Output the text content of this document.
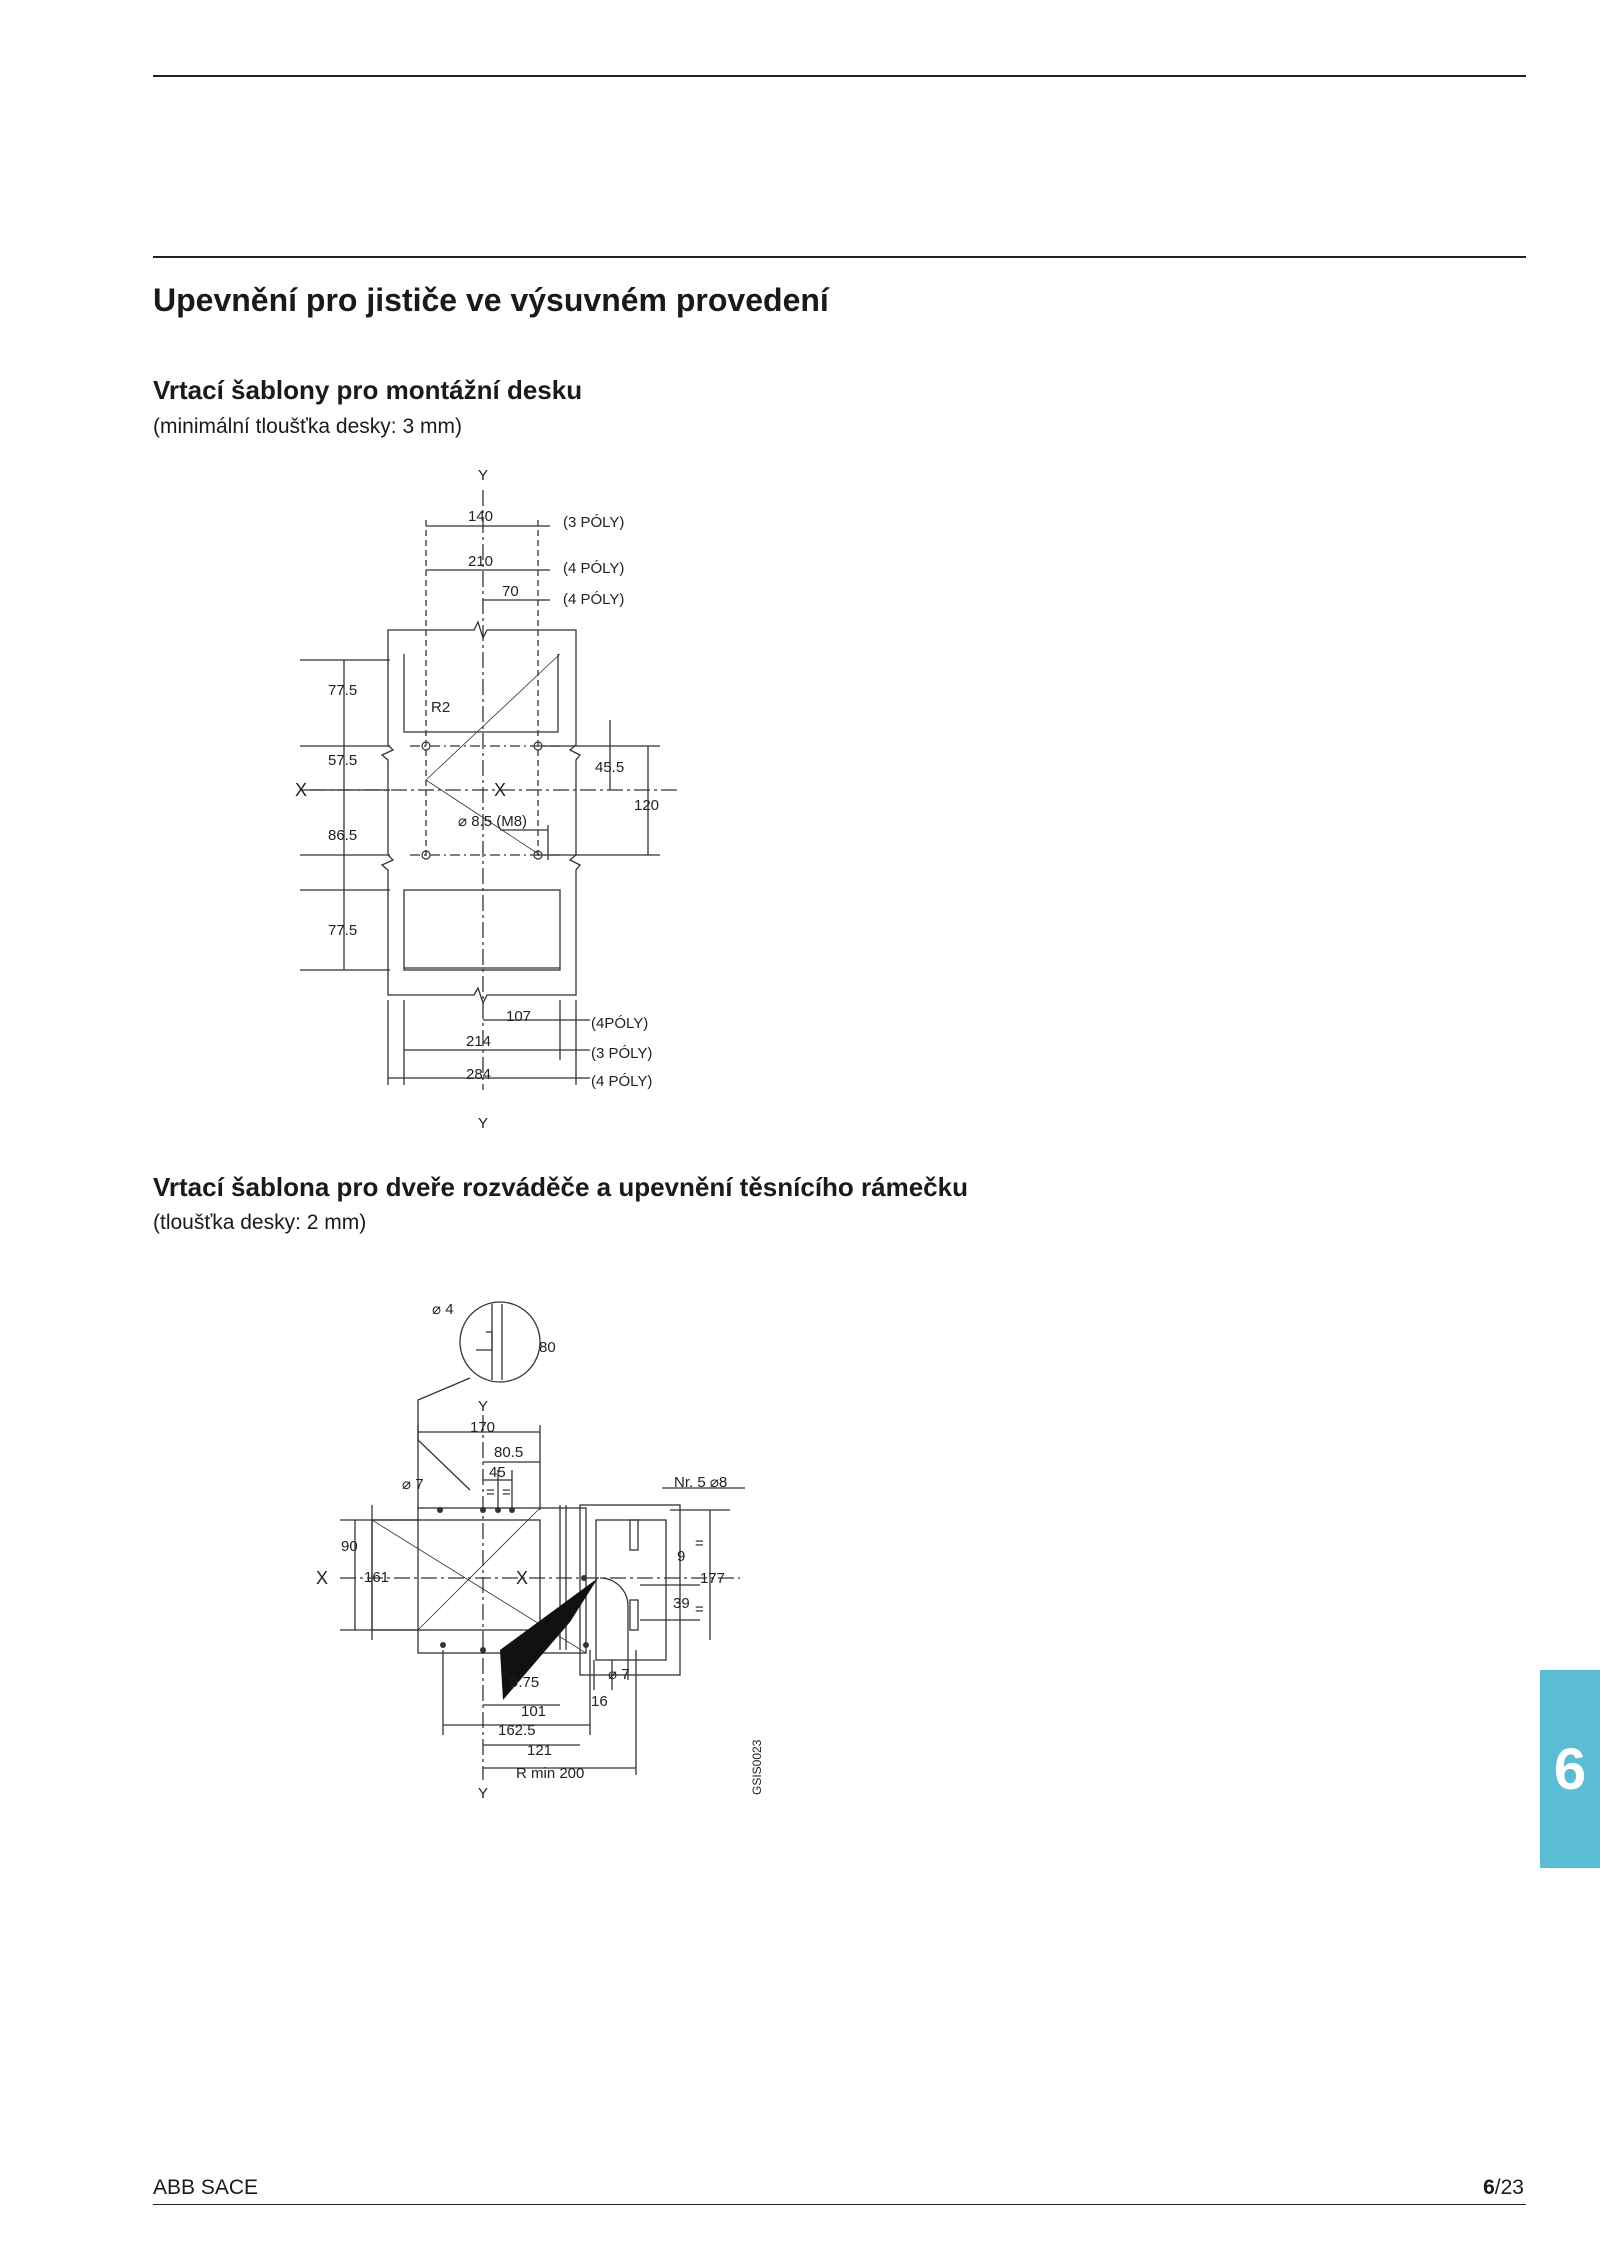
Upevnění pro jističe ve výsuvném provedení
Vrtací šablony pro montážní desku
(minimální tloušťka desky: 3 mm)
Y
140
210
70
(3 PÓLY)
(4 PÓLY)
(4 PÓLY)
77.5
R2
57.5
X	X
45.5
120
⌀ 8.5 (M8)
86.5
77.5
107
214
284
(4PÓLY)
(3 PÓLY)
(4 PÓLY)
Y
Vrtací šablona pro dveře rozváděče a upevnění těsnícího rámečku
(tloušťka desky: 2 mm)
⌀ 4
80
Y
170
80.5
45
= =
⌀ 7	Nr. 5 ⌀8
90
X 161	X
=
9
177
39 =
⌀ 7
9.75
16
101
162.5
121
R min 200
Y	GSIS0023	6
ABB SACE	6/23
